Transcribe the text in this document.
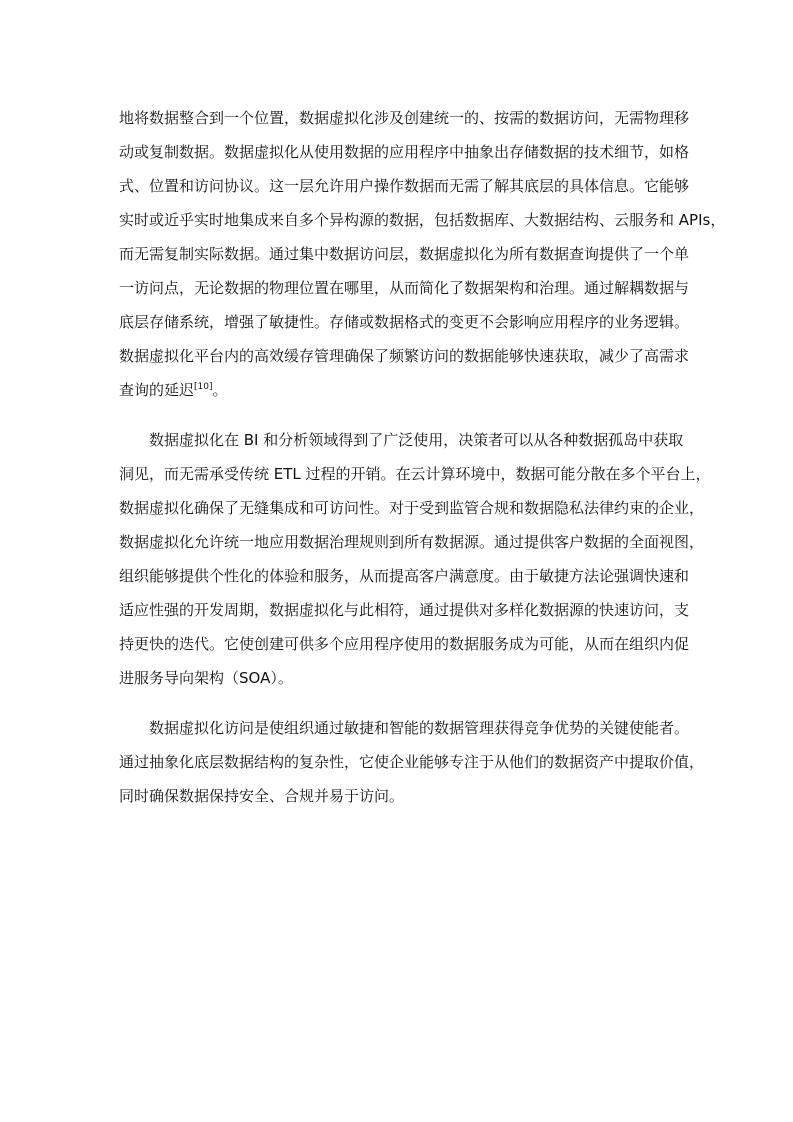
地将数据整合到一个位置，数据虚拟化涉及创建统一的、按需的数据访问，无需物理移
动或复制数据。数据虚拟化从使用数据的应用程序中抽象出存储数据的技术细节，如格
式、位置和访问协议。这一层允许用户操作数据而无需了解其底层的具体信息。它能够
实时或近乎实时地集成来自多个异构源的数据，包括数据库、大数据结构、云服务和 APIs，
而无需复制实际数据。通过集中数据访问层，数据虚拟化为所有数据查询提供了一个单
一访问点，无论数据的物理位置在哪里，从而简化了数据架构和治理。通过解耦数据与
底层存储系统，增强了敏捷性。存储或数据格式的变更不会影响应用程序的业务逻辑。
数据虚拟化平台内的高效缓存管理确保了频繁访问的数据能够快速获取，减少了高需求
查询的延迟[10]。
数据虚拟化在 BI 和分析领域得到了广泛使用，决策者可以从各种数据孤岛中获取
洞见，而无需承受传统 ETL 过程的开销。在云计算环境中，数据可能分散在多个平台上，
数据虚拟化确保了无缝集成和可访问性。对于受到监管合规和数据隐私法律约束的企业，
数据虚拟化允许统一地应用数据治理规则到所有数据源。通过提供客户数据的全面视图，
组织能够提供个性化的体验和服务，从而提高客户满意度。由于敏捷方法论强调快速和
适应性强的开发周期，数据虚拟化与此相符，通过提供对多样化数据源的快速访问，支
持更快的迭代。它使创建可供多个应用程序使用的数据服务成为可能，从而在组织内促
进服务导向架构（SOA）。
数据虚拟化访问是使组织通过敏捷和智能的数据管理获得竞争优势的关键使能者。
通过抽象化底层数据结构的复杂性，它使企业能够专注于从他们的数据资产中提取价值，
同时确保数据保持安全、合规并易于访问。
